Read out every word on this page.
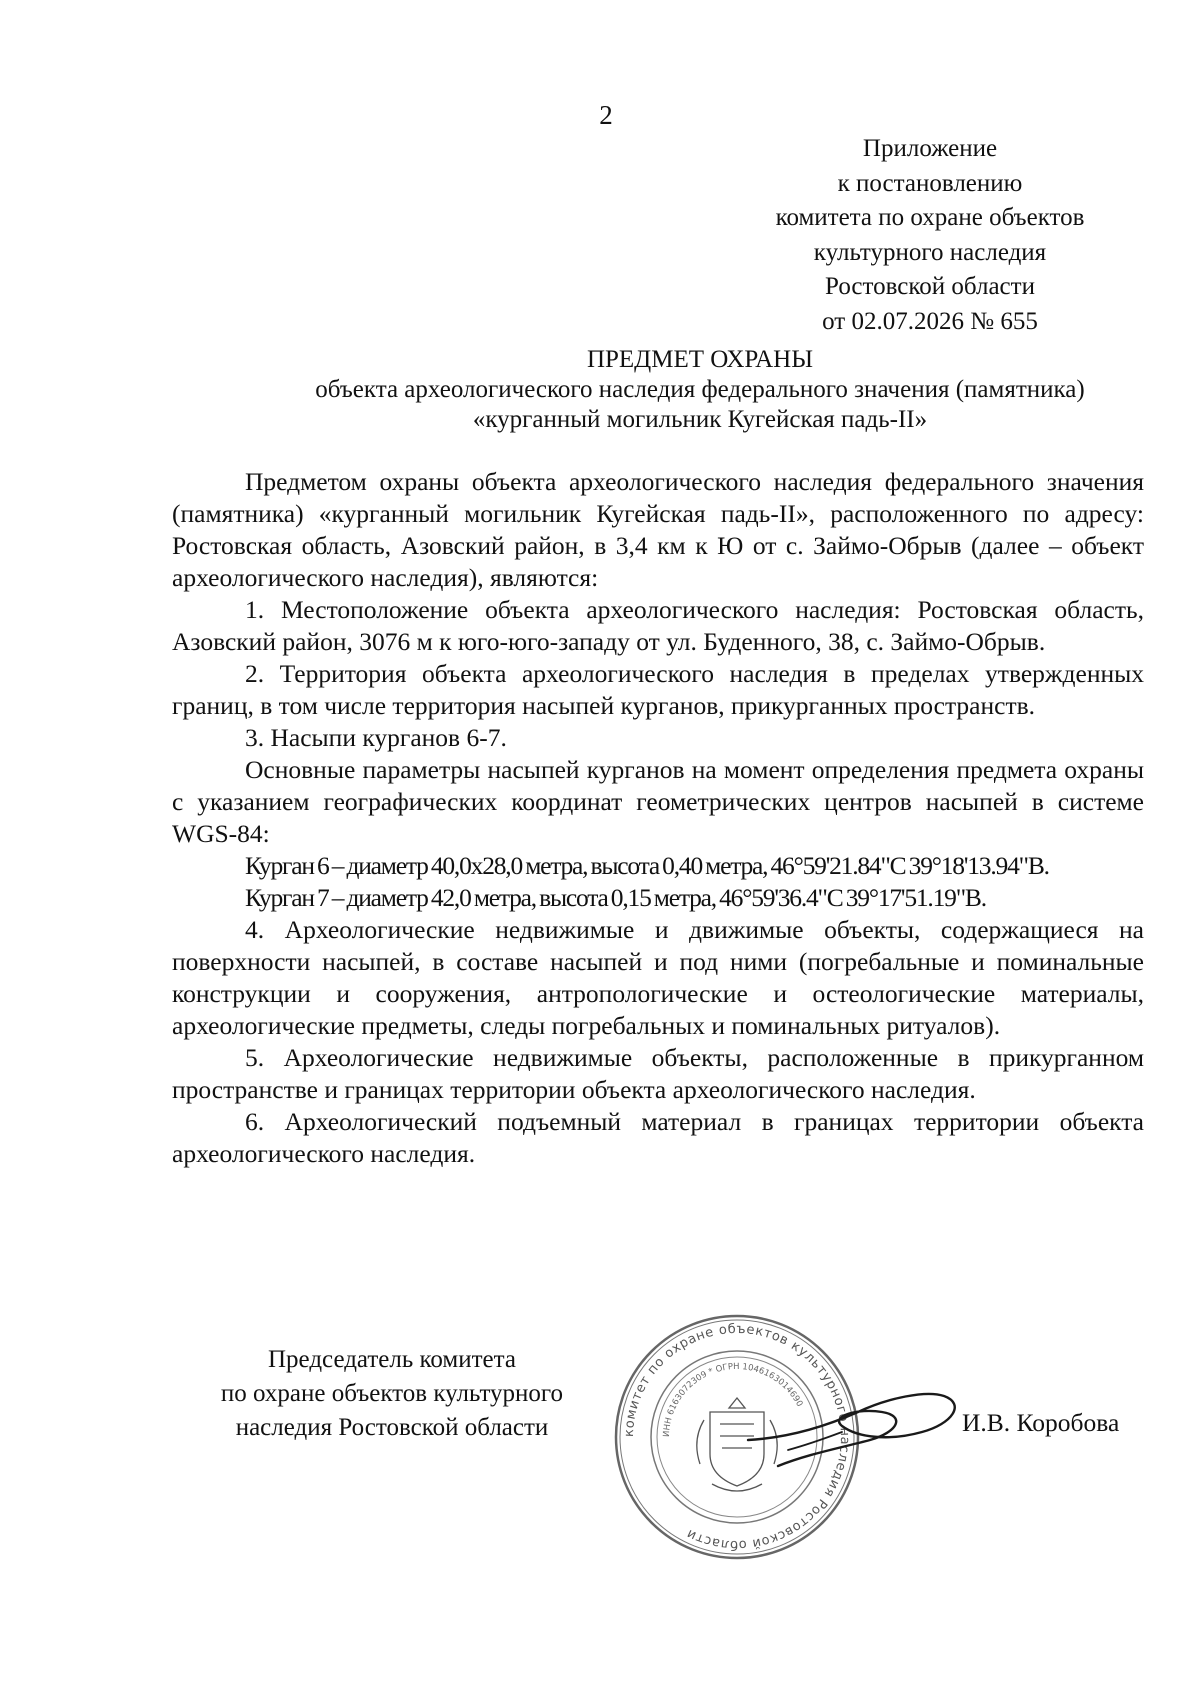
2
Приложение
к постановлению
комитета по охране объектов
культурного наследия
Ростовской области
от 02.07.2026 № 655
ПРЕДМЕТ ОХРАНЫ
объекта археологического наследия федерального значения (памятника)
«курганный могильник Кугейская падь-II»

Предметом охраны объекта археологического наследия федерального значения (памятника) «курганный могильник Кугейская падь-II», расположенного по адресу: Ростовская область, Азовский район, в 3,4 км к Ю от с. Займо-Обрыв (далее – объект археологического наследия), являются:

1. Местоположение объекта археологического наследия: Ростовская область, Азовский район, 3076 м к юго-юго-западу от ул. Буденного, 38, с. Займо-Обрыв.

2. Территория объекта археологического наследия в пределах утвержденных границ, в том числе территория насыпей курганов, прикурганных пространств.

3. Насыпи курганов 6-7.

Основные параметры насыпей курганов на момент определения предмета охраны с указанием географических координат геометрических центров насыпей в системе WGS-84:

Курган 6 – диаметр 40,0х28,0 метра, высота 0,40 метра, 46°59'21.84"С 39°18'13.94"В.

Курган 7 – диаметр 42,0 метра, высота 0,15 метра, 46°59'36.4"С 39°17'51.19"В.

4. Археологические недвижимые и движимые объекты, содержащиеся на поверхности насыпей, в составе насыпей и под ними (погребальные и поминальные конструкции и сооружения, антропологические и остеологические материалы, археологические предметы, следы погребальных и поминальных ритуалов).

5. Археологические недвижимые объекты, расположенные в прикурганном пространстве и границах территории объекта археологического наследия.

6. Археологический подъемный материал в границах территории объекта археологического наследия.

Председатель комитета
по охране объектов культурного
наследия Ростовской области	комитет по охране объектов культурного наследия Ростовской области
ИНН 6163072309 * ОГРН 1046163014690
И.В. Коробова
